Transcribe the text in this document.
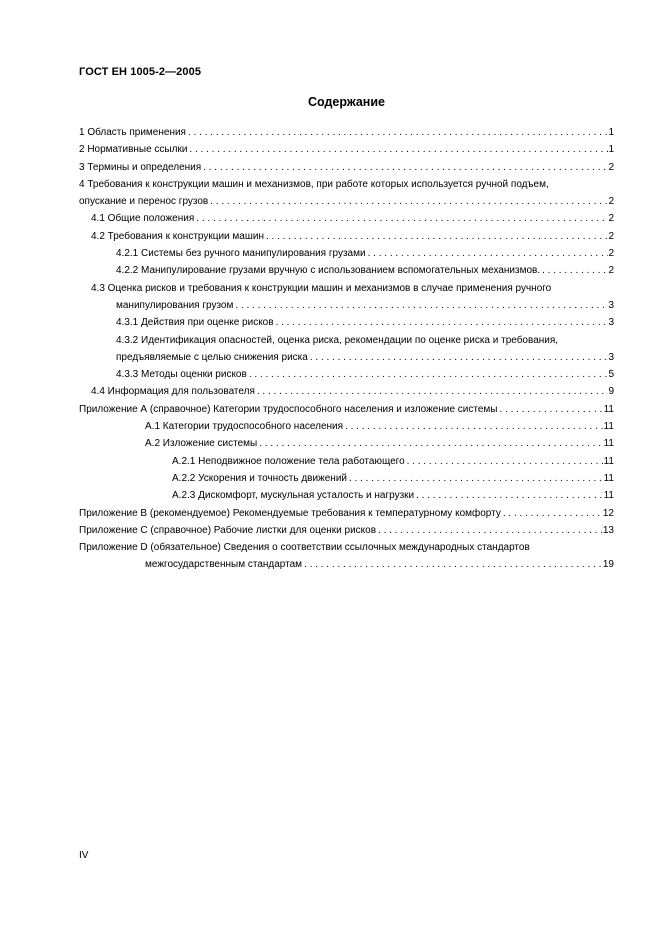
ГОСТ ЕН 1005-2—2005
Содержание
1 Область применения . . .	1
2 Нормативные ссылки . . .	1
3 Термины и определения . . .	2
4 Требования к конструкции машин и механизмов, при работе которых используется ручной подъем,
опускание и перенос грузов . . .	2
4.1 Общие положения . . .	2
4.2 Требования к конструкции машин . . .	2
4.2.1 Системы без ручного манипулирования грузами . . .	2
4.2.2 Манипулирование грузами вручную с использованием вспомогательных механизмов. . . .	2
4.3 Оценка рисков и требования к конструкции машин и механизмов в случае применения ручного
манипулирования грузом . . .	3
4.3.1 Действия при оценке рисков . . .	3
4.3.2 Идентификация опасностей, оценка риска, рекомендации по оценке риска и требования,
предъявляемые с целью снижения риска . . .	3
4.3.3 Методы оценки рисков . . .	5
4.4 Информация для пользователя . . .	9
Приложение А (справочное) Категории трудоспособного населения и изложение системы . . .	11
А.1 Категории трудоспособного населения . . .	11
А.2 Изложение системы . . .	11
А.2.1 Неподвижное положение тела работающего . . .	11
А.2.2 Ускорения и точность движений . . .	11
А.2.3 Дискомфорт, мускульная усталость и нагрузки . . .	11
Приложение В (рекомендуемое) Рекомендуемые требования к температурному комфорту . . .	12
Приложение С (справочное) Рабочие листки для оценки рисков . . .	13
Приложение D (обязательное) Сведения о соответствии ссылочных международных стандартов
межгосударственным стандартам . . .	19
IV
